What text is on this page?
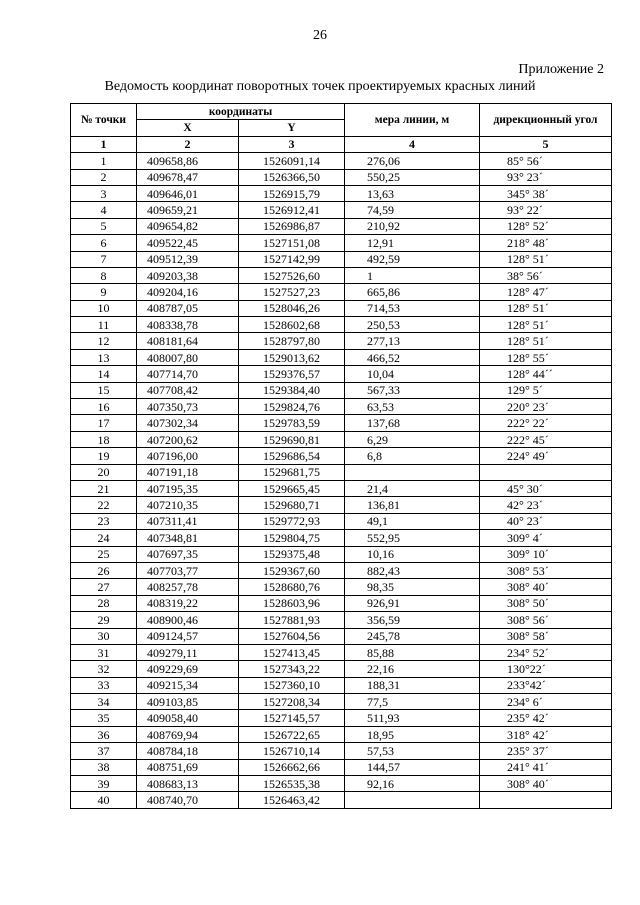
26
Приложение 2
Ведомость координат поворотных точек проектируемых красных линий
№ точки	координаты		мера линии, м	дирекционный угол
	X	Y		
1	2	3	4	5
1	409658,86	1526091,14	276,06	85° 56´
2	409678,47	1526366,50	550,25	93° 23´
3	409646,01	1526915,79	13,63	345° 38´
4	409659,21	1526912,41	74,59	93° 22´
5	409654,82	1526986,87	210,92	128° 52´
6	409522,45	1527151,08	12,91	218° 48´
7	409512,39	1527142,99	492,59	128° 51´
8	409203,38	1527526,60	1	38° 56´
9	409204,16	1527527,23	665,86	128° 47´
10	408787,05	1528046,26	714,53	128° 51´
11	408338,78	1528602,68	250,53	128° 51´
12	408181,64	1528797,80	277,13	128° 51´
13	408007,80	1529013,62	466,52	128° 55´
14	407714,70	1529376,57	10,04	128° 44´´
15	407708,42	1529384,40	567,33	129° 5´
16	407350,73	1529824,76	63,53	220° 23´
17	407302,34	1529783,59	137,68	222° 22´
18	407200,62	1529690,81	6,29	222° 45´
19	407196,00	1529686,54	6,8	224° 49´
20	407191,18	1529681,75		
21	407195,35	1529665,45	21,4	45° 30´
22	407210,35	1529680,71	136,81	42° 23´
23	407311,41	1529772,93	49,1	40° 23´
24	407348,81	1529804,75	552,95	309° 4´
25	407697,35	1529375,48	10,16	309° 10´
26	407703,77	1529367,60	882,43	308° 53´
27	408257,78	1528680,76	98,35	308° 40´
28	408319,22	1528603,96	926,91	308° 50´
29	408900,46	1527881,93	356,59	308° 56´
30	409124,57	1527604,56	245,78	308° 58´
31	409279,11	1527413,45	85,88	234° 52´
32	409229,69	1527343,22	22,16	130°22´
33	409215,34	1527360,10	188,31	233°42´
34	409103,85	1527208,34	77,5	234° 6´
35	409058,40	1527145,57	511,93	235° 42´
36	408769,94	1526722,65	18,95	318° 42´
37	408784,18	1526710,14	57,53	235° 37´
38	408751,69	1526662,66	144,57	241° 41´
39	408683,13	1526535,38	92,16	308° 40´
40	408740,70	1526463,42		
